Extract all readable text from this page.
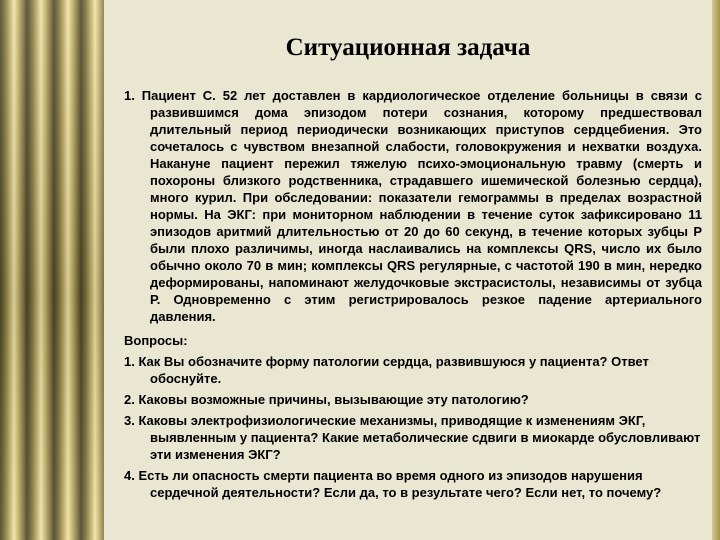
Ситуационная задача

1. Пациент С. 52 лет доставлен в кардиологическое отделение больницы в связи с развившимся дома эпизодом потери сознания, которому предшествовал длительный период периодически возникающих приступов сердцебиения. Это сочеталось с чувством внезапной слабости, головокружения и нехватки воздуха. Накануне пациент пережил тяжелую психо-эмоциональную травму (смерть и похороны близкого родственника, страдавшего ишемической болезнью сердца), много курил. При обследовании: показатели гемограммы в пределах возрастной нормы. На ЭКГ: при мониторном наблюдении в течение суток зафиксировано 11 эпизодов аритмий длительностью от 20 до 60 секунд, в течение которых зубцы Р были плохо различимы, иногда наслаивались на комплексы QRS, число их было обычно около 70 в мин; комплексы QRS регулярные, с частотой 190 в мин, нередко деформированы, напоминают желудочковые экстрасистолы, независимы от зубца Р. Одновременно с этим регистрировалось резкое падение артериального давления.

Вопросы:

1. Как Вы обозначите форму патологии сердца, развившуюся у пациента? Ответ обоснуйте.

2. Каковы возможные причины, вызывающие эту патологию?

3. Каковы электрофизиологические механизмы, приводящие к изменениям ЭКГ, выявленным у пациента? Какие метаболические сдвиги в миокарде обусловливают эти изменения ЭКГ?

4. Есть ли опасность смерти пациента во время одного из эпизодов нарушения сердечной деятельности? Если да, то в результате чего? Если нет, то почему?
